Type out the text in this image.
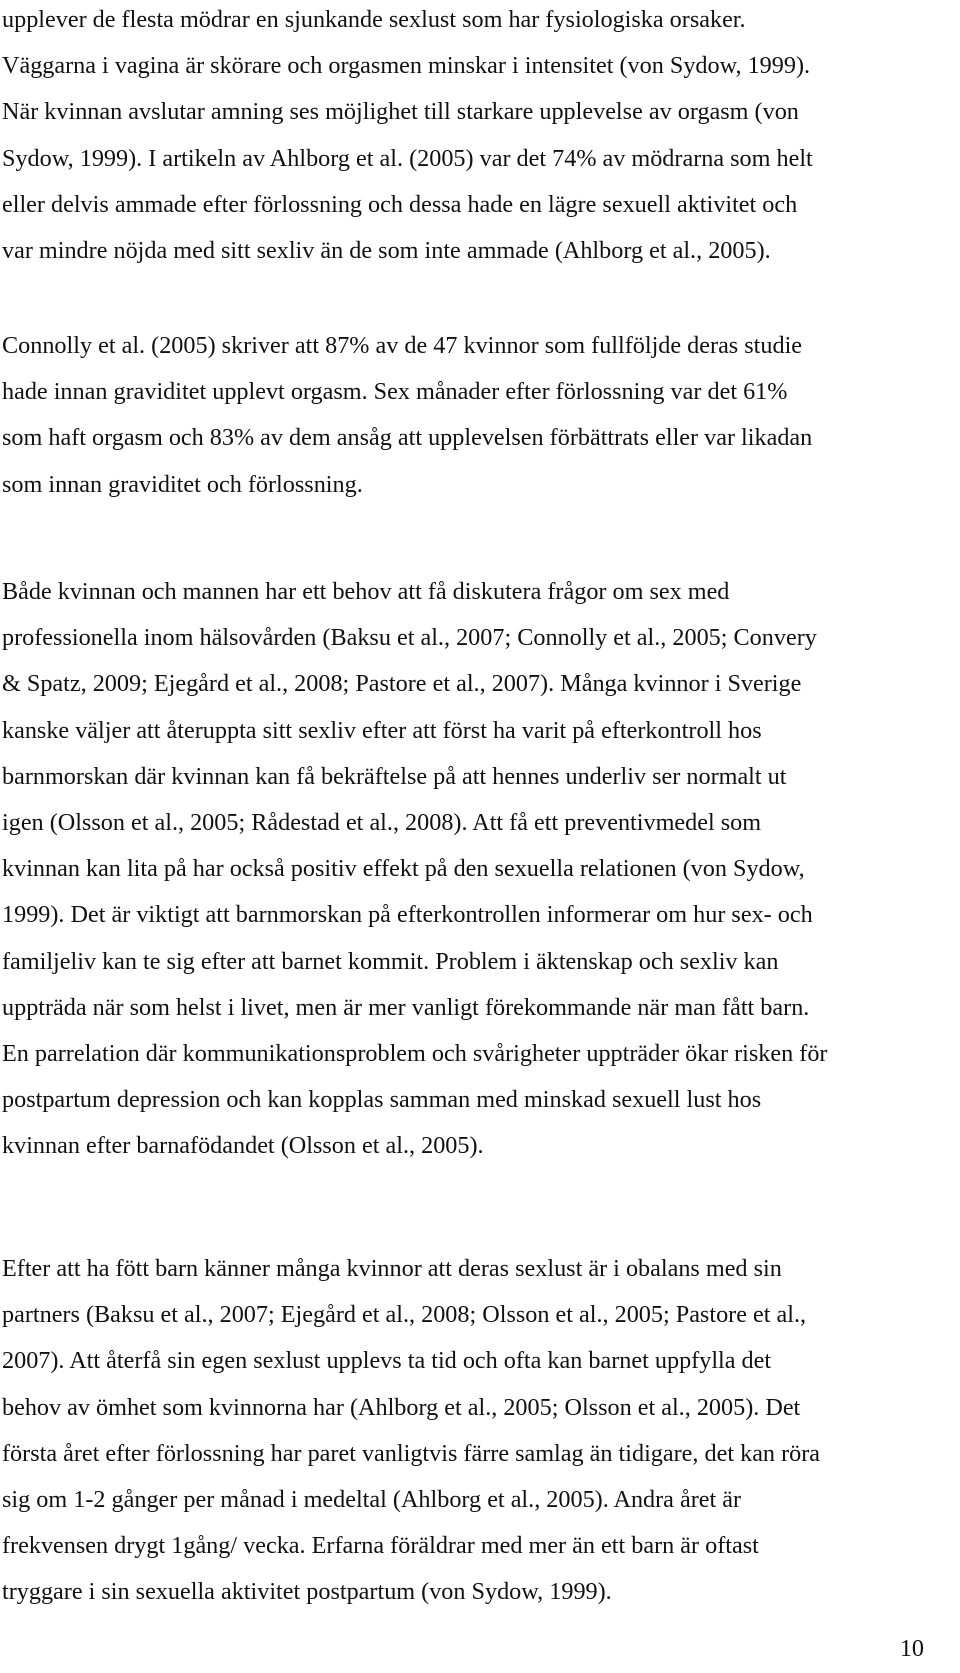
upplever de flesta mödrar en sjunkande sexlust som har fysiologiska orsaker.
Väggarna i vagina är skörare och orgasmen minskar i intensitet (von Sydow, 1999).
När kvinnan avslutar amning ses möjlighet till starkare upplevelse av orgasm (von
Sydow, 1999). I artikeln av Ahlborg et al. (2005) var det 74% av mödrarna som helt
eller delvis ammade efter förlossning och dessa hade en lägre sexuell aktivitet och
var mindre nöjda med sitt sexliv än de som inte ammade (Ahlborg et al., 2005).

Connolly et al. (2005) skriver att 87% av de 47 kvinnor som fullföljde deras studie
hade innan graviditet upplevt orgasm. Sex månader efter förlossning var det 61%
som haft orgasm och 83% av dem ansåg att upplevelsen förbättrats eller var likadan
som innan graviditet och förlossning.

Både kvinnan och mannen har ett behov att få diskutera frågor om sex med
professionella inom hälsovården (Baksu et al., 2007; Connolly et al., 2005; Convery
& Spatz, 2009; Ejegård et al., 2008; Pastore et al., 2007). Många kvinnor i Sverige
kanske väljer att återuppta sitt sexliv efter att först ha varit på efterkontroll hos
barnmorskan där kvinnan kan få bekräftelse på att hennes underliv ser normalt ut
igen (Olsson et al., 2005; Rådestad et al., 2008). Att få ett preventivmedel som
kvinnan kan lita på har också positiv effekt på den sexuella relationen (von Sydow,
1999). Det är viktigt att barnmorskan på efterkontrollen informerar om hur sex- och
familjeliv kan te sig efter att barnet kommit. Problem i äktenskap och sexliv kan
uppträda när som helst i livet, men är mer vanligt förekommande när man fått barn.
En parrelation där kommunikationsproblem och svårigheter uppträder ökar risken för
postpartum depression och kan kopplas samman med minskad sexuell lust hos
kvinnan efter barnafödandet (Olsson et al., 2005).

Efter att ha fött barn känner många kvinnor att deras sexlust är i obalans med sin
partners (Baksu et al., 2007; Ejegård et al., 2008; Olsson et al., 2005; Pastore et al.,
2007). Att återfå sin egen sexlust upplevs ta tid och ofta kan barnet uppfylla det
behov av ömhet som kvinnorna har (Ahlborg et al., 2005; Olsson et al., 2005). Det
första året efter förlossning har paret vanligtvis färre samlag än tidigare, det kan röra
sig om 1-2 gånger per månad i medeltal (Ahlborg et al., 2005). Andra året är
frekvensen drygt 1gång/ vecka. Erfarna föräldrar med mer än ett barn är oftast
tryggare i sin sexuella aktivitet postpartum (von Sydow, 1999).

10
